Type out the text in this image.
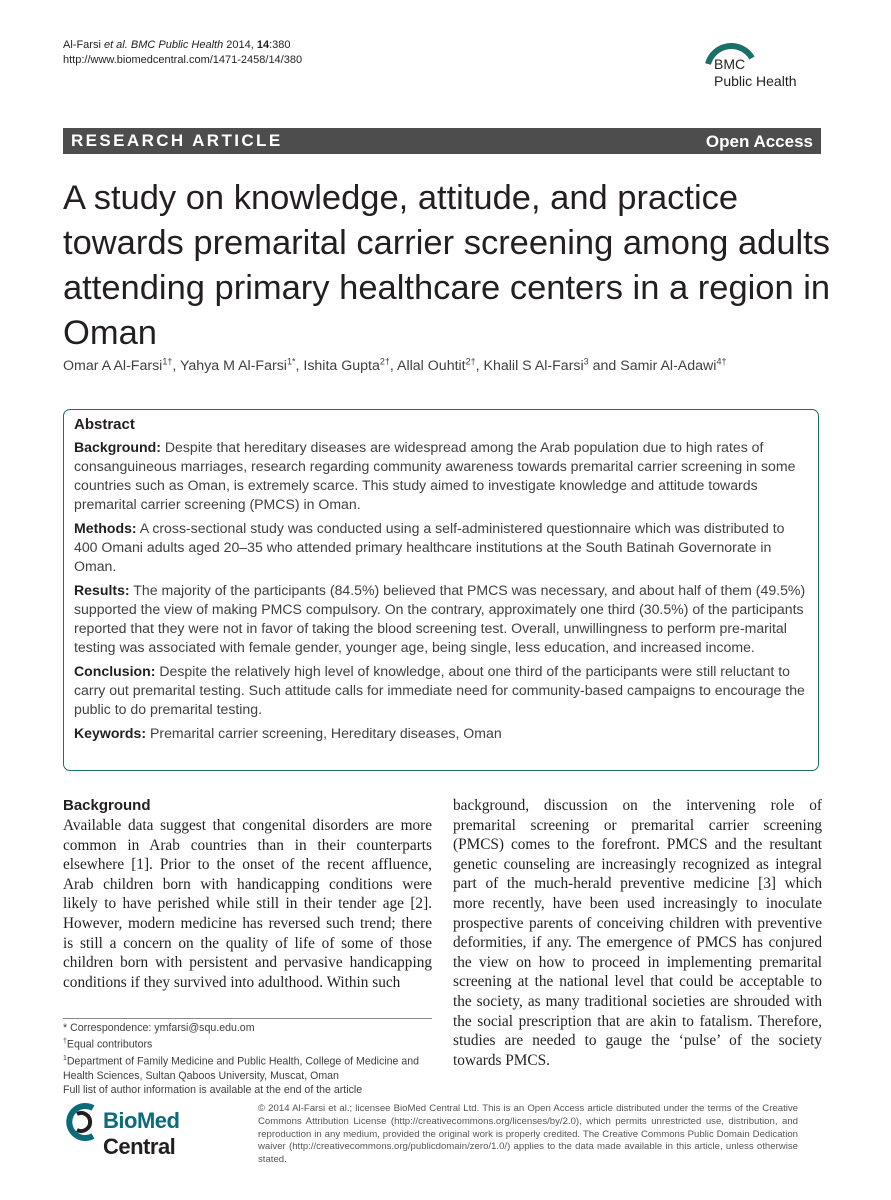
Al-Farsi et al. BMC Public Health 2014, 14:380
http://www.biomedcentral.com/1471-2458/14/380	BMC
Public Health
RESEARCH ARTICLE	Open Access
A study on knowledge, attitude, and practice towards premarital carrier screening among adults attending primary healthcare centers in a region in Oman
Omar A Al-Farsi$^{1\dagger}$, Yahya M Al-Farsi$^{1*}$, Ishita Gupta$^{2\dagger}$, Allal Ouhtit$^{2\dagger}$, Khalil S Al-Farsi$^3$ and Samir Al-Adawi$^{4\dagger}$
Abstract

Background: Despite that hereditary diseases are widespread among the Arab population due to high rates of consanguineous marriages, research regarding community awareness towards premarital carrier screening in some countries such as Oman, is extremely scarce. This study aimed to investigate knowledge and attitude towards premarital carrier screening (PMCS) in Oman.

Methods: A cross-sectional study was conducted using a self-administered questionnaire which was distributed to 400 Omani adults aged 20–35 who attended primary healthcare institutions at the South Batinah Governorate in Oman.

Results: The majority of the participants (84.5%) believed that PMCS was necessary, and about half of them (49.5%) supported the view of making PMCS compulsory. On the contrary, approximately one third (30.5%) of the participants reported that they were not in favor of taking the blood screening test. Overall, unwillingness to perform pre-marital testing was associated with female gender, younger age, being single, less education, and increased income.

Conclusion: Despite the relatively high level of knowledge, about one third of the participants were still reluctant to carry out premarital testing. Such attitude calls for immediate need for community-based campaigns to encourage the public to do premarital testing.

Keywords: Premarital carrier screening, Hereditary diseases, Oman

Background

Available data suggest that congenital disorders are more common in Arab countries than in their counterparts elsewhere [1]. Prior to the onset of the recent affluence, Arab children born with handicapping conditions were likely to have perished while still in their tender age [2]. However, modern medicine has reversed such trend; there is still a concern on the quality of life of some of those children born with persistent and pervasive handicapping conditions if they survived into adulthood. Within such

background, discussion on the intervening role of premarital screening or premarital carrier screening (PMCS) comes to the forefront. PMCS and the resultant genetic counseling are increasingly recognized as integral part of the much-herald preventive medicine [3] which more recently, have been used increasingly to inoculate prospective parents of conceiving children with preventive deformities, if any. The emergence of PMCS has conjured the view on how to proceed in implementing premarital screening at the national level that could be acceptable to the society, as many traditional societies are shrouded with the social prescription that are akin to fatalism. Therefore, studies are needed to gauge the ‘pulse’ of the society towards PMCS.

* Correspondence: ymfarsi@squ.edu.om

†Equal contributors

$^1$Department of Family Medicine and Public Health, College of Medicine and Health Sciences, Sultan Qaboos University, Muscat, Oman

Full list of author information is available at the end of the article

BioMed Central
© 2014 Al-Farsi et al.; licensee BioMed Central Ltd. This is an Open Access article distributed under the terms of the Creative Commons Attribution License (http://creativecommons.org/licenses/by/2.0), which permits unrestricted use, distribution, and reproduction in any medium, provided the original work is properly credited. The Creative Commons Public Domain Dedication waiver (http://creativecommons.org/publicdomain/zero/1.0/) applies to the data made available in this article, unless otherwise stated.
